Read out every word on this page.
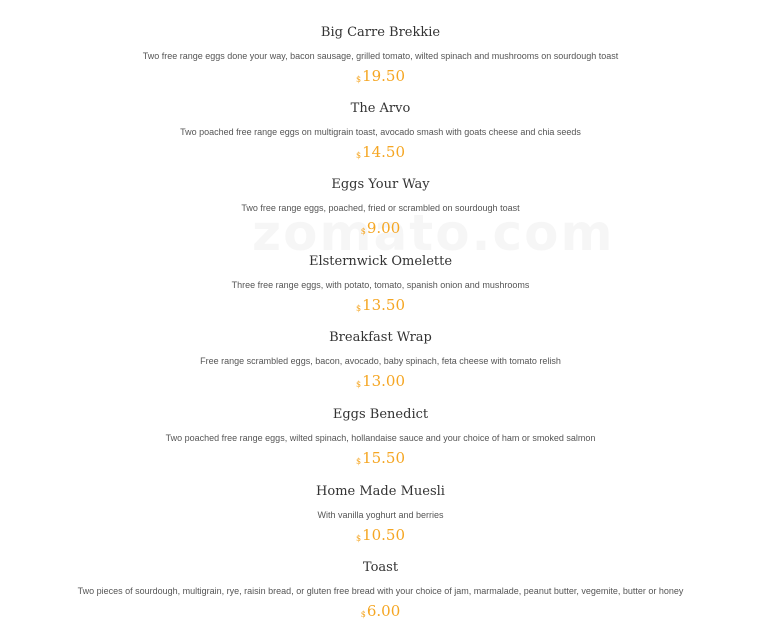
Big Carre Brekkie
Two free range eggs done your way, bacon sausage, grilled tomato, wilted spinach and mushrooms on sourdough toast
$19.50
The Arvo
Two poached free range eggs on multigrain toast, avocado smash with goats cheese and chia seeds
$14.50
Eggs Your Way
Two free range eggs, poached, fried or scrambled on sourdough toast
$9.00
Elsternwick Omelette
Three free range eggs, with potato, tomato, spanish onion and mushrooms
$13.50
Breakfast Wrap
Free range scrambled eggs, bacon, avocado, baby spinach, feta cheese with tomato relish
$13.00
Eggs Benedict
Two poached free range eggs, wilted spinach, hollandaise sauce and your choice of ham or smoked salmon
$15.50
Home Made Muesli
With vanilla yoghurt and berries
$10.50
Toast
Two pieces of sourdough, multigrain, rye, raisin bread, or gluten free bread with your choice of jam, marmalade, peanut butter, vegemite, butter or honey
$6.00
